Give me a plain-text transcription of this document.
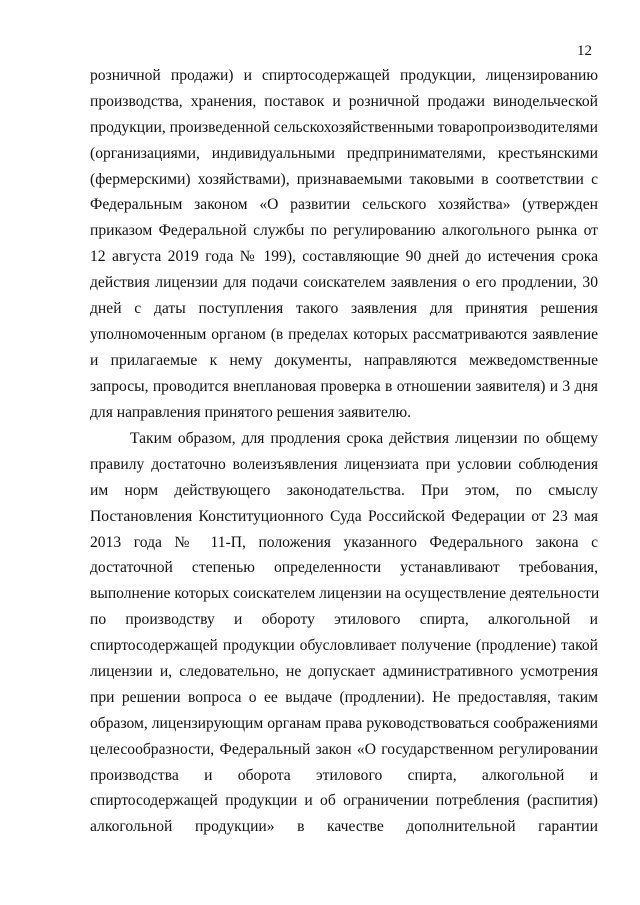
12
розничной продажи) и спиртосодержащей продукции, лицензированию
производства, хранения, поставок и розничной продажи винодельческой
продукции, произведенной сельскохозяйственными товаропроизводителями
(организациями, индивидуальными предпринимателями, крестьянскими
(фермерскими) хозяйствами), признаваемыми таковыми в соответствии с
Федеральным законом «О развитии сельского хозяйства» (утвержден
приказом Федеральной службы по регулированию алкогольного рынка от
12 августа 2019 года № 199), составляющие 90 дней до истечения срока
действия лицензии для подачи соискателем заявления о его продлении, 30
дней с даты поступления такого заявления для принятия решения
уполномоченным органом (в пределах которых рассматриваются заявление
и прилагаемые к нему документы, направляются межведомственные
запросы, проводится внеплановая проверка в отношении заявителя) и 3 дня
для направления принятого решения заявителю.
Таким образом, для продления срока действия лицензии по общему
правилу достаточно волеизъявления лицензиата при условии соблюдения
им норм действующего законодательства. При этом, по смыслу
Постановления Конституционного Суда Российской Федерации от 23 мая
2013 года № 11-П, положения указанного Федерального закона с
достаточной степенью определенности устанавливают требования,
выполнение которых соискателем лицензии на осуществление деятельности
по производству и обороту этилового спирта, алкогольной и
спиртосодержащей продукции обусловливает получение (продление) такой
лицензии и, следовательно, не допускает административного усмотрения
при решении вопроса о ее выдаче (продлении). Не предоставляя, таким
образом, лицензирующим органам права руководствоваться соображениями
целесообразности, Федеральный закон «О государственном регулировании
производства и оборота этилового спирта, алкогольной и
спиртосодержащей продукции и об ограничении потребления (распития)
алкогольной продукции» в качестве дополнительной гарантии
